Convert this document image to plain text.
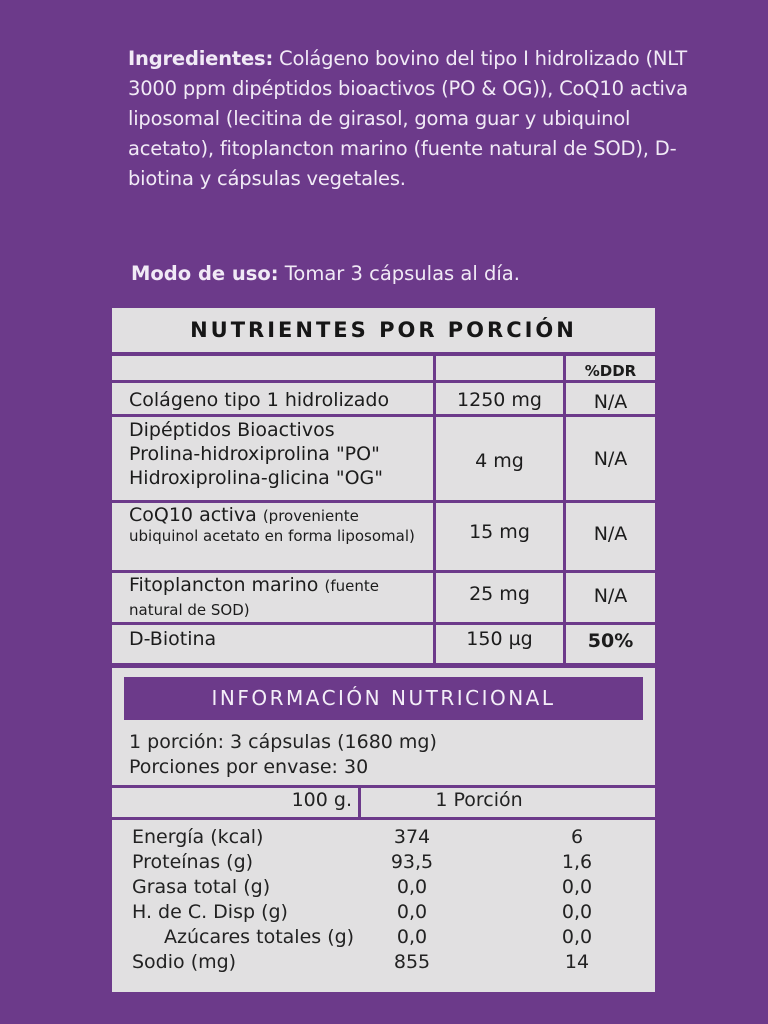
Ingredientes: Colágeno bovino del tipo I hidrolizado (NLT 3000 ppm dipéptidos bioactivos (PO & OG)), CoQ10 activa liposomal (lecitina de girasol, goma guar y ubiquinol acetato), fitoplancton marino (fuente natural de SOD), D-biotina y cápsulas vegetales.
Modo de uso: Tomar 3 cápsulas al día.
NUTRIENTES POR PORCIÓN
%DDR
Colágeno tipo 1 hidrolizado	1250 mg	N/A
Dipéptidos Bioactivos
Prolina-hidroxiprolina "PO"
Hidroxiprolina-glicina "OG"
4 mg	N/A
CoQ10 activa (proveniente ubiquinol acetato en forma liposomal)	15 mg	N/A
Fitoplancton marino (fuente natural de SOD)
25 mg	N/A
D-Biotina	150 µg	50%
INFORMACIÓN NUTRICIONAL
1 porción: 3 cápsulas (1680 mg)
Porciones por envase: 30
100 g.	1 Porción
Energía (kcal)	374	6
Proteínas (g)	93,5	1,6
Grasa total (g)	0,0	0,0
H. de C. Disp (g)	0,0	0,0
Azúcares totales (g)	0,0	0,0
Sodio (mg)	855	14
